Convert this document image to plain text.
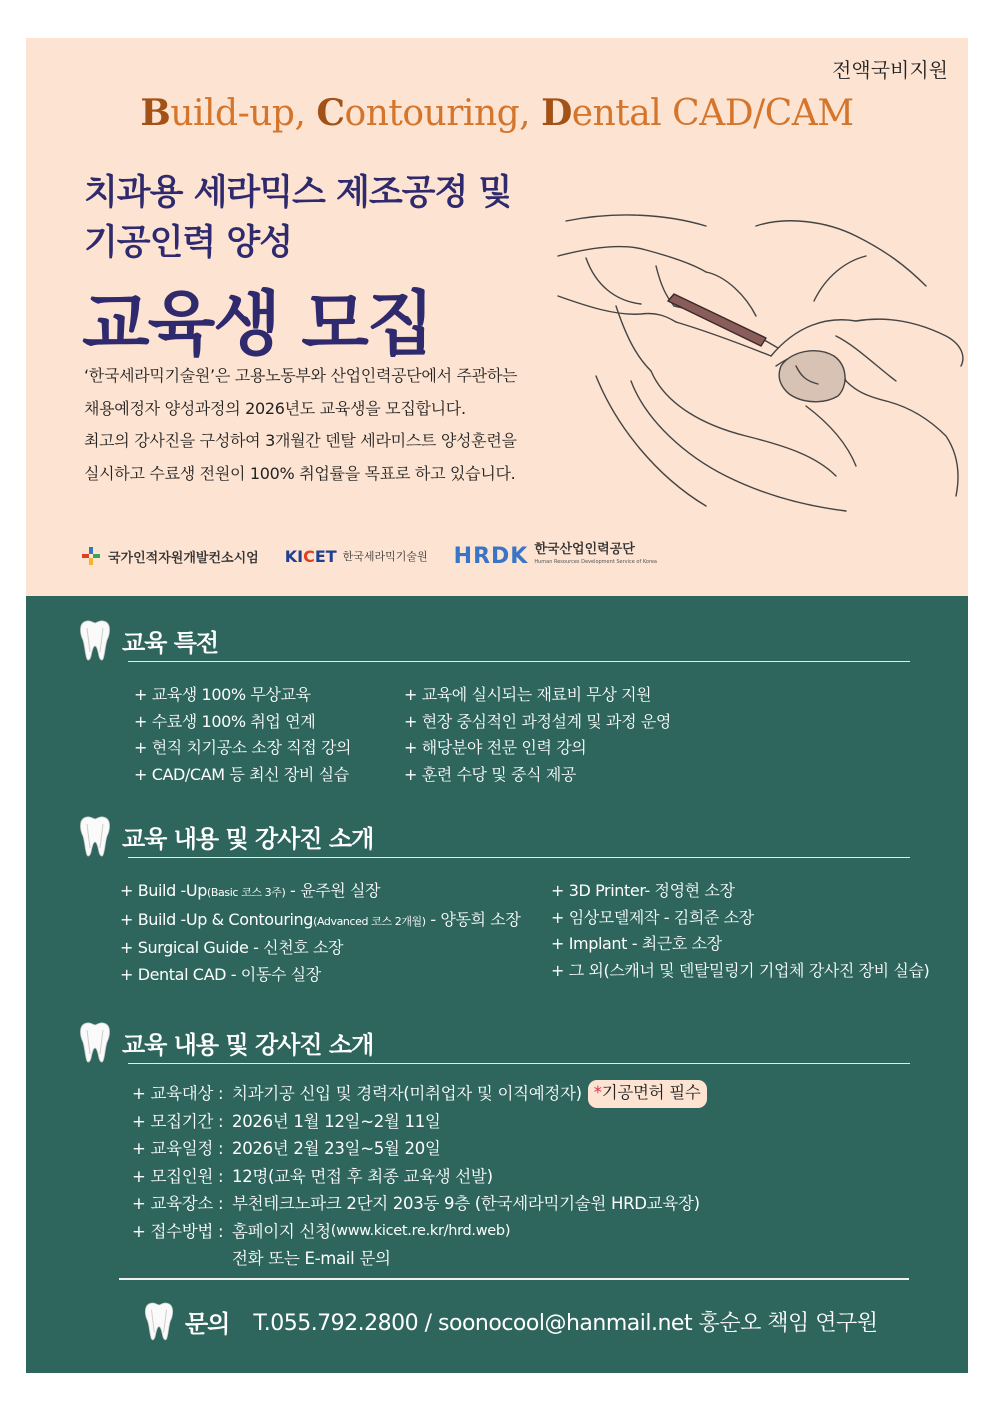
전액국비지원
Build-up, Contouring, Dental CAD/CAM
치과용 세라믹스 제조공정 및
기공인력 양성
교육생 모집

‘한국세라믹기술원’은 고용노동부와 산업인력공단에서 주관하는

채용예정자 양성과정의 2026년도 교육생을 모집합니다.

최고의 강사진을 구성하여 3개월간 덴탈 세라미스트 양성훈련을

실시하고 수료생 전원이 100% 취업률을 목표로 하고 있습니다.

국가인적자원개발컨소시엄 KICET 한국세라믹기술원 HRDK 한국산업인력공단
Human Resources Development Service of Korea
교육 특전
+ 교육생 100% 무상교육
+ 수료생 100% 취업 연계
+ 현직 치기공소 소장 직접 강의
+ CAD/CAM 등 최신 장비 실습
+ 교육에 실시되는 재료비 무상 지원
+ 현장 중심적인 과정설계 및 과정 운영
+ 해당분야 전문 인력 강의
+ 훈련 수당 및 중식 제공
교육 내용 및 강사진 소개
+ Build -Up(Basic 코스 3주) - 윤주원 실장
+ Build -Up & Contouring(Advanced 코스 2개월) - 양동희 소장
+ Surgical Guide - 신천호 소장
+ Dental CAD - 이동수 실장
+ 3D Printer- 정영현 소장
+ 임상모델제작 - 김희준 소장
+ Implant - 최근호 소장
+ 그 외(스캐너 및 덴탈밀링기 기업체 강사진 장비 실습)
교육 내용 및 강사진 소개
+ 교육대상 : 치과기공 신입 및 경력자(미취업자 및 이직예정자) *기공면허 필수
+ 모집기간 : 2026년 1월 12일~2월 11일
+ 교육일정 : 2026년 2월 23일~5월 20일
+ 모집인원 : 12명(교육 면접 후 최종 교육생 선발)
+ 교육장소 : 부천테크노파크 2단지 203동 9층 (한국세라믹기술원 HRD교육장)
+ 접수방법 : 홈페이지 신청 (www.kicet.re.kr/hrd.web)
전화 또는 E-mail 문의
문의 T.055.792.2800 / soonocool@hanmail.net 홍순오 책임 연구원
